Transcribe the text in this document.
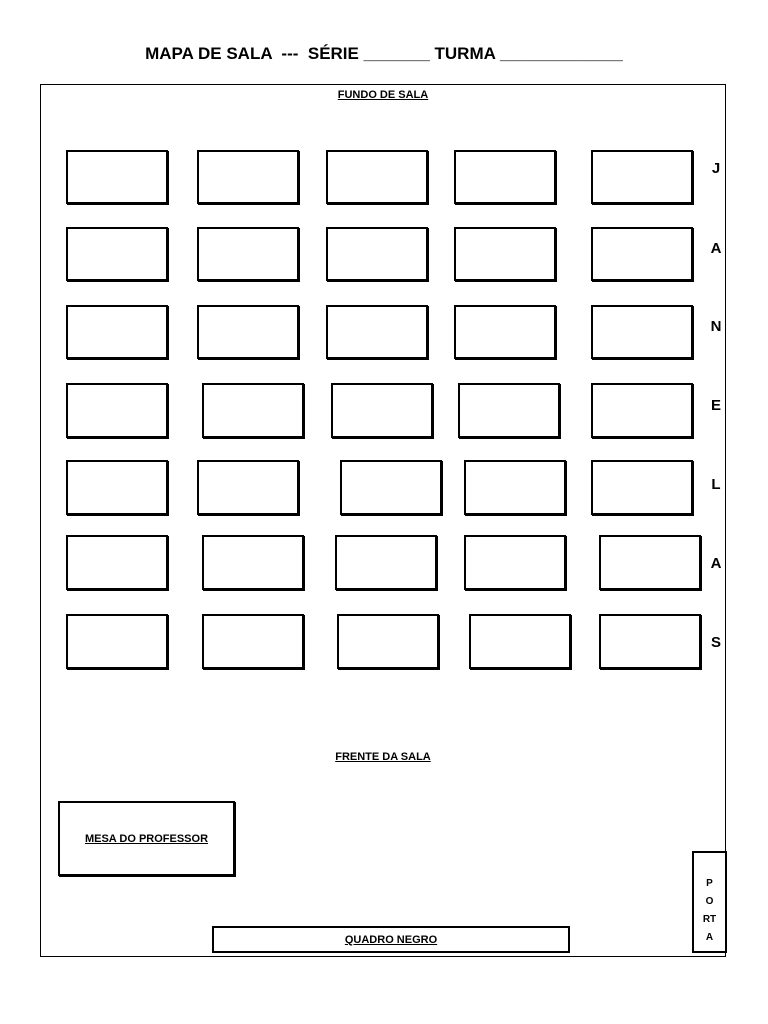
MAPA DE SALA  ---  SÉRIE _______ TURMA _____________
FUNDO DE SALA
J
A
N
E
L
A
S
FRENTE DA SALA
MESA DO PROFESSOR
QUADRO NEGRO
P
O
RT
A
